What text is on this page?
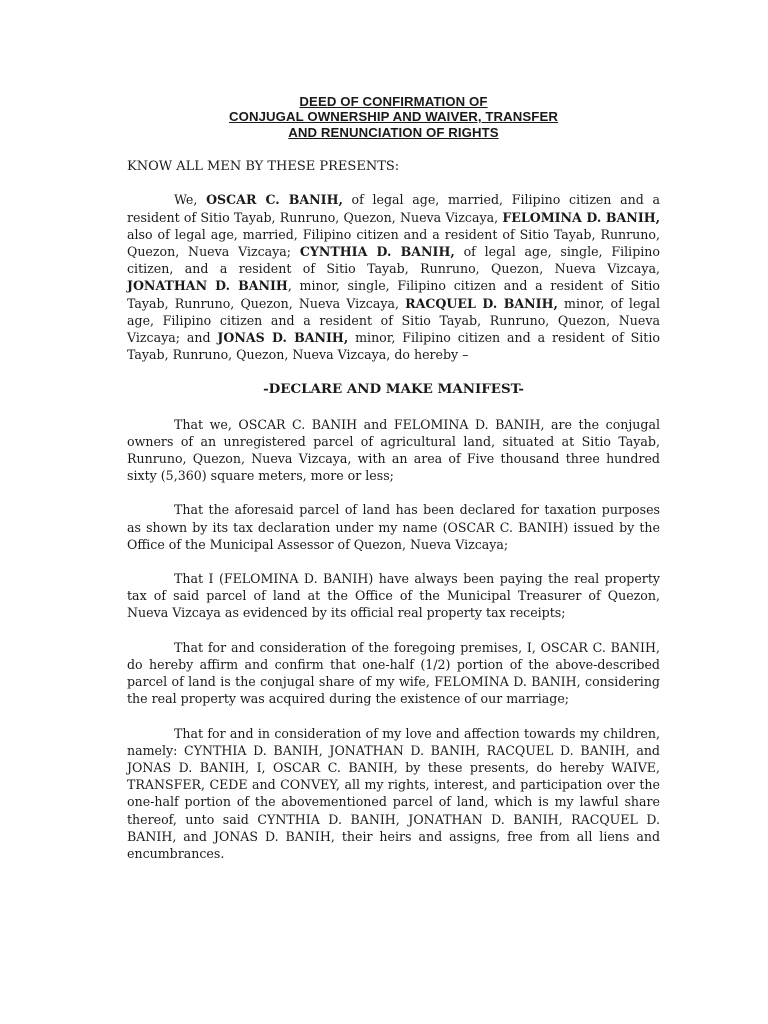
DEED OF CONFIRMATION OF
CONJUGAL OWNERSHIP AND WAIVER, TRANSFER
AND RENUNCIATION OF RIGHTS
KNOW ALL MEN BY THESE PRESENTS:

We, OSCAR C. BANIH, of legal age, married, Filipino citizen and a resident of Sitio Tayab, Runruno, Quezon, Nueva Vizcaya, FELOMINA D. BANIH, also of legal age, married, Filipino citizen and a resident of Sitio Tayab, Runruno, Quezon, Nueva Vizcaya; CYNTHIA D. BANIH, of legal age, single, Filipino citizen, and a resident of Sitio Tayab, Runruno, Quezon, Nueva Vizcaya, JONATHAN D. BANIH, minor, single, Filipino citizen and a resident of Sitio Tayab, Runruno, Quezon, Nueva Vizcaya, RACQUEL D. BANIH, minor, of legal age, Filipino citizen and a resident of Sitio Tayab, Runruno, Quezon, Nueva Vizcaya; and JONAS D. BANIH, minor, Filipino citizen and a resident of Sitio Tayab, Runruno, Quezon, Nueva Vizcaya, do hereby –

-DECLARE AND MAKE MANIFEST-

That we, OSCAR C. BANIH and FELOMINA D. BANIH, are the conjugal owners of an unregistered parcel of agricultural land, situated at Sitio Tayab, Runruno, Quezon, Nueva Vizcaya, with an area of Five thousand three hundred sixty (5,360) square meters, more or less;

That the aforesaid parcel of land has been declared for taxation purposes as shown by its tax declaration under my name (OSCAR C. BANIH) issued by the Office of the Municipal Assessor of Quezon, Nueva Vizcaya;

That I (FELOMINA D. BANIH) have always been paying the real property tax of said parcel of land at the Office of the Municipal Treasurer of Quezon, Nueva Vizcaya as evidenced by its official real property tax receipts;

That for and consideration of the foregoing premises, I, OSCAR C. BANIH, do hereby affirm and confirm that one-half (1/2) portion of the above-described parcel of land is the conjugal share of my wife, FELOMINA D. BANIH, considering the real property was acquired during the existence of our marriage;

That for and in consideration of my love and affection towards my children, namely: CYNTHIA D. BANIH, JONATHAN D. BANIH, RACQUEL D. BANIH, and JONAS D. BANIH, I, OSCAR C. BANIH, by these presents, do hereby WAIVE, TRANSFER, CEDE and CONVEY, all my rights, interest, and participation over the one-half portion of the abovementioned parcel of land, which is my lawful share thereof, unto said CYNTHIA D. BANIH, JONATHAN D. BANIH, RACQUEL D. BANIH, and JONAS D. BANIH, their heirs and assigns, free from all liens and encumbrances.
